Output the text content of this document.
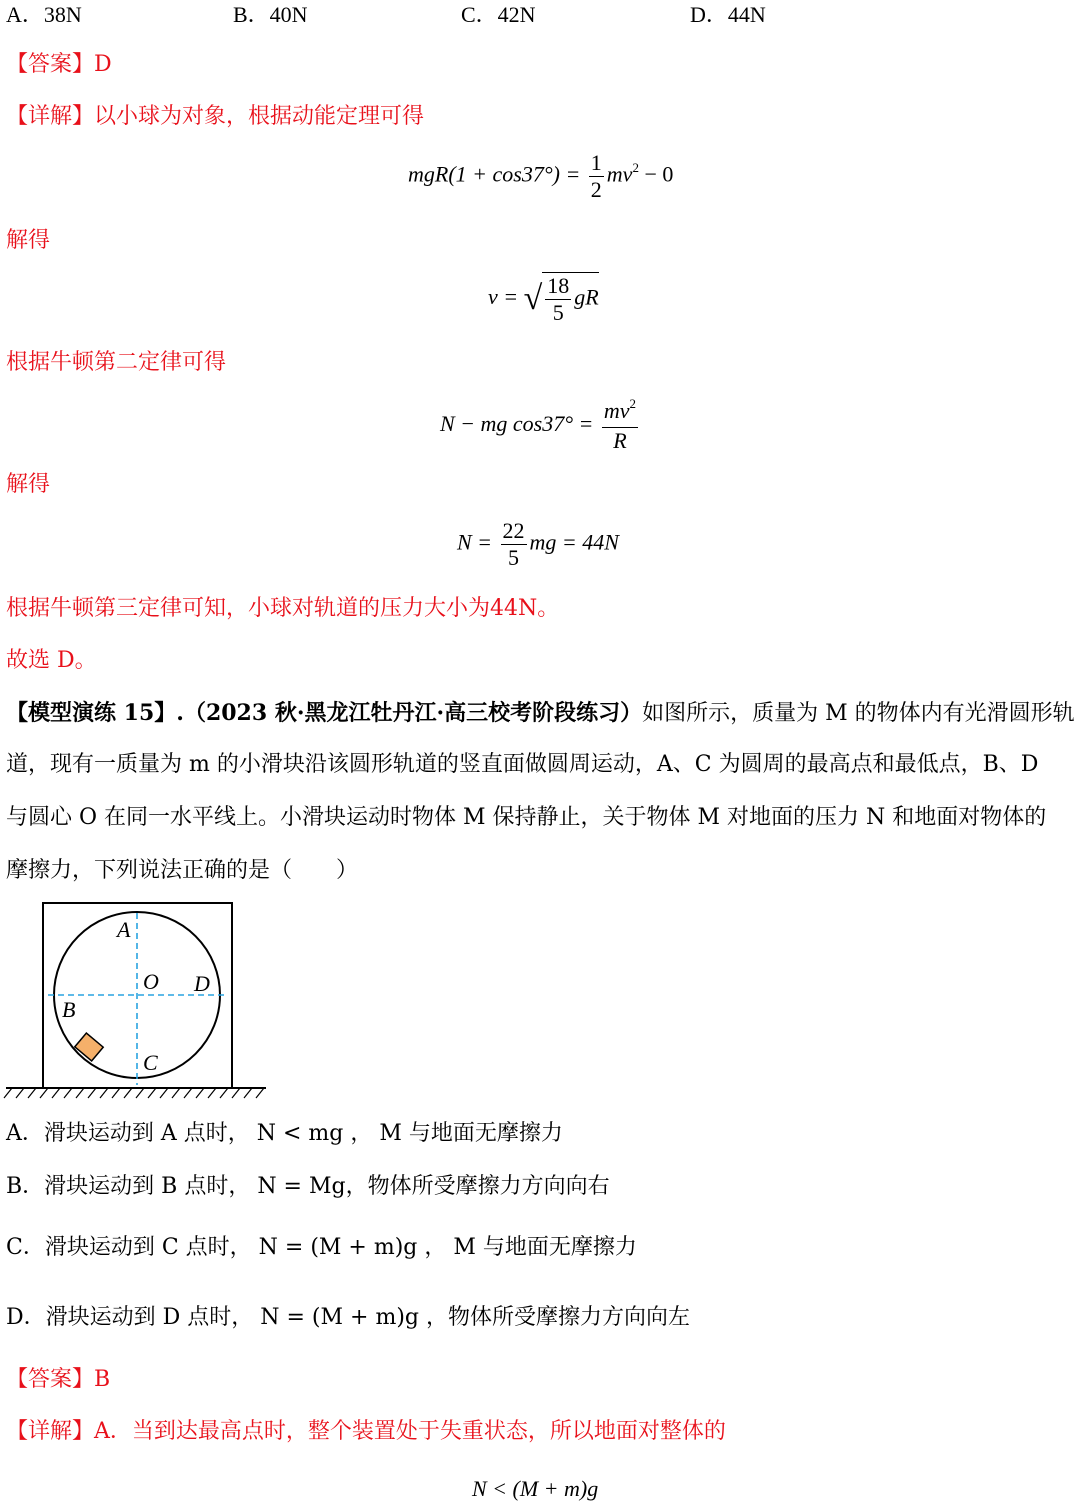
A．38N	B．40N	C．42N	D．44N
【答案】D
【详解】以小球为对象，根据动能定理可得
$mgR(1 + \cos 37^\circ) = \frac{1}{2} mv^2 - 0$
解得
v = √ $\frac{18}{5}$ gR
根据牛顿第二定律可得
N − mg $\cos 37^\circ = \frac{mv^2}{R}$
解得
$N = \frac{22}{5}$ mg = 44N
根据牛顿第三定律可知，小球对轨道的压力大小为44N。
故选 D。
【模型演练 15】.（2023 秋·黑龙江牡丹江·高三校考阶段练习）如图所示，质量为 M 的物体内有光滑圆形轨
道，现有一质量为 m 的小滑块沿该圆形轨道的竖直面做圆周运动，A、C 为圆周的最高点和最低点，B、D
与圆心 O 在同一水平线上。小滑块运动时物体 M 保持静止，关于物体 M 对地面的压力 N 和地面对物体的
摩擦力，下列说法正确的是（　　）
A
O D
B
C
A．滑块运动到 A 点时， N < mg ， M 与地面无摩擦力
B．滑块运动到 B 点时， N = Mg，物体所受摩擦力方向向右
C．滑块运动到 C 点时， N = (M + m)g ， M 与地面无摩擦力
D．滑块运动到 D 点时， N = (M + m)g ，物体所受摩擦力方向向左
【答案】B
【详解】A．当到达最高点时，整个装置处于失重状态，所以地面对整体的
N < (M + m)g
